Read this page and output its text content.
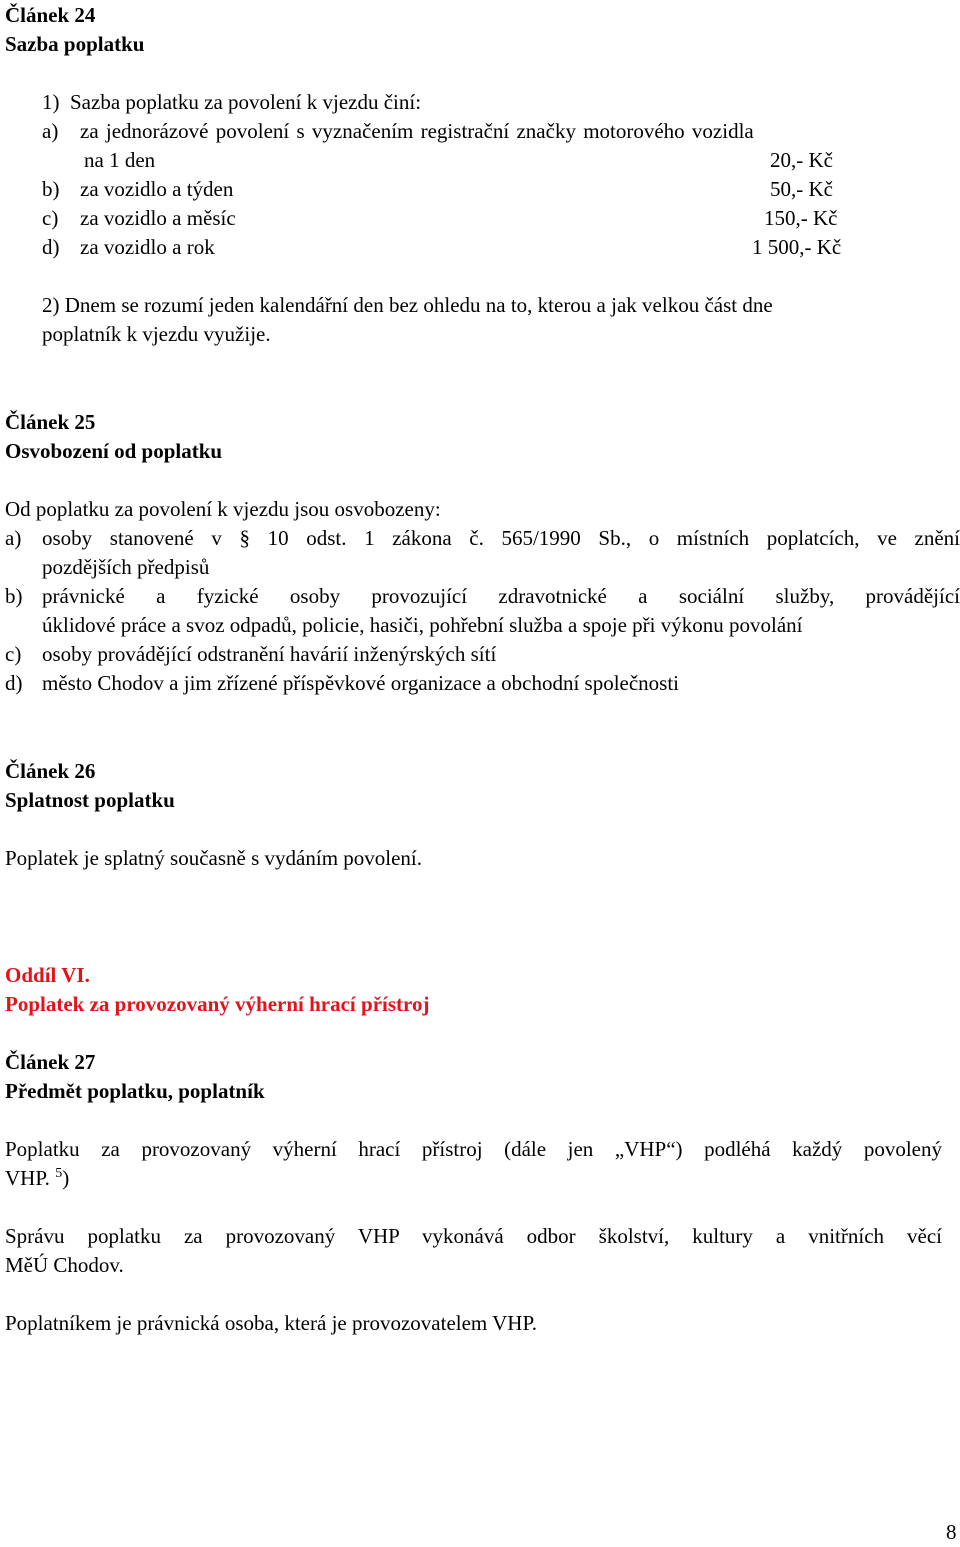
Článek 24
Sazba poplatku
1)  Sazba poplatku za povolení k vjezdu činí:
a) za jednorázové povolení s vyznačením registrační značky motorového vozidla
na 1 den	20,- Kč
b) za vozidlo a týden	50,- Kč
c) za vozidlo a měsíc	150,- Kč
d) za vozidlo a rok	1 500,- Kč
2) Dnem se rozumí jeden kalendářní den bez ohledu na to, kterou a jak velkou část dne
poplatník k vjezdu využije.
Článek 25
Osvobození od poplatku
Od poplatku za povolení k vjezdu jsou osvobozeny:
a) osoby stanovené v § 10 odst. 1 zákona č. 565/1990 Sb., o místních poplatcích, ve znění
pozdějších předpisů
b) právnické a fyzické osoby provozující zdravotnické a sociální služby, provádějící
úklidové práce a svoz odpadů, policie, hasiči, pohřební služba a spoje při výkonu povolání
c) osoby provádějící odstranění havárií inženýrských sítí
d) město Chodov a jim zřízené příspěvkové organizace a obchodní společnosti
Článek 26
Splatnost poplatku
Poplatek je splatný současně s vydáním povolení.
Oddíl VI.
Poplatek za provozovaný výherní hrací přístroj
Článek 27
Předmět poplatku, poplatník
Poplatku za provozovaný výherní hrací přístroj (dále jen „VHP“) podléhá každý povolený
VHP. $^5$)
Správu poplatku za provozovaný VHP vykonává odbor školství, kultury a vnitřních věcí
MěÚ Chodov.
Poplatníkem je právnická osoba, která je provozovatelem VHP.
8
